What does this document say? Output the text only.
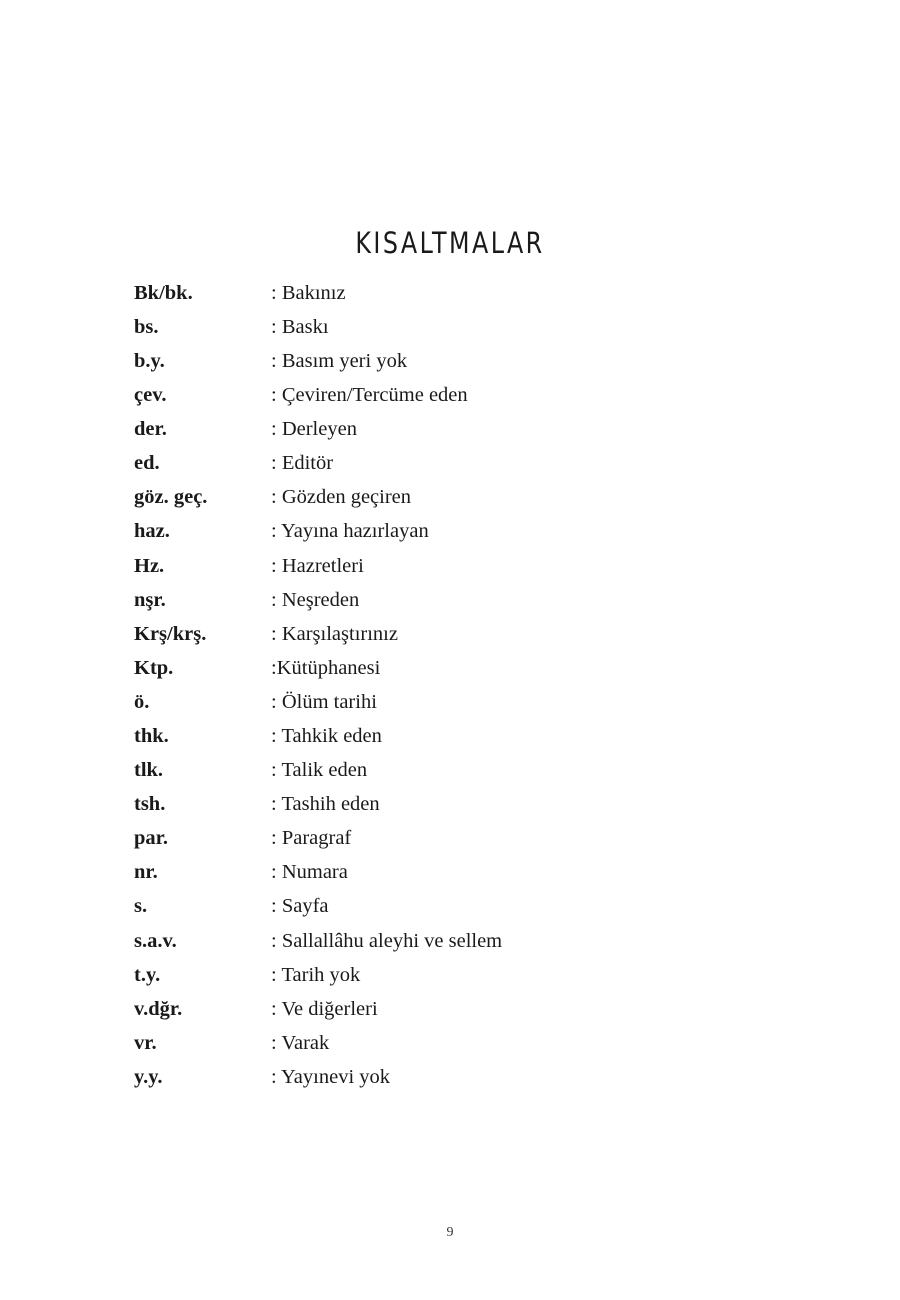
KISALTMALAR
Bk/bk.	: Bakınız
bs.	: Baskı
b.y.	: Basım yeri yok
çev.	: Çeviren/Tercüme eden
der.	: Derleyen
ed.	: Editör
göz. geç.	: Gözden geçiren
haz.	: Yayına hazırlayan
Hz.	: Hazretleri
nşr.	: Neşreden
Krş/krş.	: Karşılaştırınız
Ktp.	:Kütüphanesi
ö.	: Ölüm tarihi
thk.	: Tahkik eden
tlk.	: Talik eden
tsh.	: Tashih eden
par.	: Paragraf
nr.	: Numara
s.	: Sayfa
s.a.v.	: Sallallâhu aleyhi ve sellem
t.y.	: Tarih yok
v.dğr.	: Ve diğerleri
vr.	: Varak
y.y.	: Yayınevi yok
9
